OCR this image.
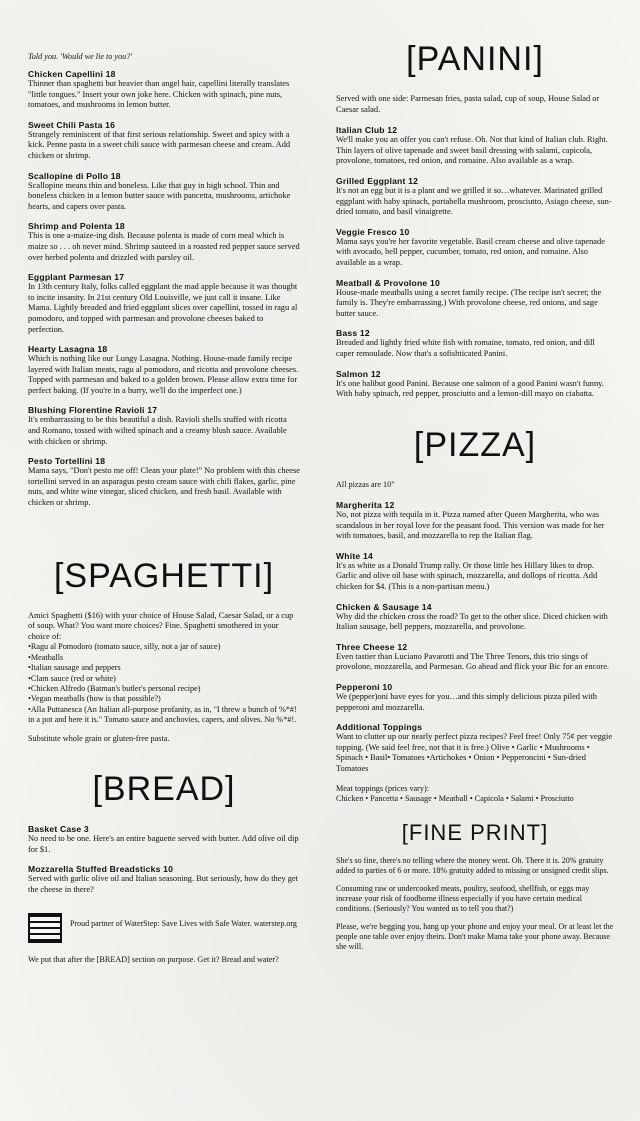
Told you. 'Would we lie to you?'
Chicken Capellini 18
Thinner than spaghetti but heavier than angel hair, capellini literally translates "little tongues." Insert your own joke here. Chicken with spinach, pine nuts, tomatoes, and mushrooms in lemon butter.
Sweet Chili Pasta 16
Strangely reminiscent of that first serious relationship. Sweet and spicy with a kick. Penne pasta in a sweet chili sauce with parmesan cheese and cream. Add chicken or shrimp.
Scallopine di Pollo 18
Scallopine means thin and boneless. Like that guy in high school. Thin and boneless chicken in a lemon butter sauce with pancetta, mushrooms, artichoke hearts, and capers over pasta.
Shrimp and Polenta 18
This is one a-maize-ing dish. Because polenta is made of corn meal which is maize so . . . oh never mind. Shrimp sauteed in a roasted red pepper sauce served over herbed polenta and drizzled with parsley oil.
Eggplant Parmesan 17
In 13th century Italy, folks called eggplant the mad apple because it was thought to incite insanity. In 21st century Old Louisville, we just call it insane. Like Mama. Lightly breaded and fried eggplant slices over capellini, tossed in ragu al pomodoro, and topped with parmesan and provolone cheeses baked to perfection.
Hearty Lasagna 18
Which is nothing like our Lungy Lasagna. Nothing. House-made family recipe layered with Italian meats, ragu al pomodoro, and ricotta and provolone cheeses. Topped with parmesan and baked to a golden brown. Please allow extra time for perfect baking. (If you're in a hurry, we'll do the imperfect one.)
Blushing Florentine Ravioli 17
It's embarrassing to be this beautiful a dish. Ravioli shells stuffed with ricotta and Romano, tossed with wilted spinach and a creamy blush sauce. Available with chicken or shrimp.
Pesto Tortellini 18
Mama says, "Don't pesto me off! Clean your plate!" No problem with this cheese tortellini served in an asparagus pesto cream sauce with chili flakes, garlic, pine nuts, and white wine vinegar, sliced chicken, and fresh basil. Available with chicken or shrimp.
[SPAGHETTI]
Amici Spaghetti ($16) with your choice of House Salad, Caesar Salad, or a cup of soup. What? You want more choices? Fine. Spaghetti smothered in your choice of:
•Ragu al Pomodoro (tomato sauce, silly, not a jar of sauce)
•Meatballs
•Italian sausage and peppers
•Clam sauce (red or white)
•Chicken Alfredo (Batman's butler's personal recipe)
•Vegan meatballs (how is that possible?)
•Alla Puttanesca (An Italian all-purpose profanity, as in, "I threw a bunch of %*#! in a pot and here it is." Tomato sauce and anchovies, capers, and olives. No %*#!.
Substitute whole grain or gluten-free pasta.
[BREAD]
Basket Case 3
No need to be one. Here's an entire baguette served with butter. Add olive oil dip for $1.
Mozzarella Stuffed Breadsticks 10
Served with garlic olive oil and Italian seasoning. But seriously, how do they get the cheese in there?
Proud partner of WaterStep: Save Lives with Safe Water. waterstep.org
We put that after the [BREAD] section on purpose. Get it? Bread and water?
[PANINI]
Served with one side: Parmesan fries, pasta salad, cup of soup, House Salad or Caesar salad.
Italian Club 12
We'll make you an offer you can't refuse. Oh. Not that kind of Italian club. Right. Thin layers of olive tapenade and sweet basil dressing with salami, capicola, provolone, tomatoes, red onion, and romaine. Also available as a wrap.
Grilled Eggplant 12
It's not an egg but it is a plant and we grilled it so…whatever. Marinated grilled eggplant with baby spinach, portabella mushroom, prosciutto, Asiago cheese, sun-dried tomato, and basil vinaigrette.
Veggie Fresco 10
Mama says you're her favorite vegetable. Basil cream cheese and olive tapenade with avocado, bell pepper, cucumber, tomato, red onion, and romaine. Also available as a wrap.
Meatball & Provolone 10
House-made meatballs using a secret family recipe. (The recipe isn't secret; the family is. They're embarrassing.) With provolone cheese, red onions, and sage butter sauce.
Bass 12
Breaded and lightly fried white fish with romaine, tomato, red onion, and dill caper remoulade. Now that's a sofishticated Panini.
Salmon 12
It's one halibut good Panini. Because one salmon of a good Panini wasn't funny. With baby spinach, red pepper, prosciutto and a lemon-dill mayo on ciabatta.
[PIZZA]
All pizzas are 10"
Margherita 12
No, not pizza with tequila in it. Pizza named after Queen Margherita, who was scandalous in her royal love for the peasant food. This version was made for her with tomatoes, basil, and mozzarella to rep the Italian flag.
White 14
It's as white as a Donald Trump rally. Or those little hes Hillary likes to drop. Garlic and olive oil base with spinach, mozzarella, and dollops of ricotta. Add chicken for $4. (This is a non-partisan menu.)
Chicken & Sausage 14
Why did the chicken cross the road? To get to the other slice. Diced chicken with Italian sausage, bell peppers, mozzarella, and provolone.
Three Cheese 12
Even tastier than Luciano Pavarotti and The Three Tenors, this trio sings of provolone, mozzarella, and Parmesan. Go ahead and flick your Bic for an encore.
Pepperoni 10
We (pepper)oni have eyes for you…and this simply delicious pizza piled with pepperoni and mozzarella.
Additional Toppings
Want to clutter up our nearly perfect pizza recipes? Feel free! Only 75¢ per veggie topping. (We said feel free, not that it is free.) Olive • Garlic • Mushrooms • Spinach • Basil• Tomatoes •Artichokes • Onion • Pepperoncini • Sun-dried Tomatoes
Meat toppings (prices vary):
Chicken • Pancetta • Sausage • Meatball • Capicola • Salami • Prosciutto
[FINE PRINT]
She's so fine, there's no telling where the money went. Oh. There it is. 20% gratuity added to parties of 6 or more. 18% gratuity added to missing or unsigned credit slips.
Consuming raw or undercooked meats, poultry, seafood, shellfish, or eggs may increase your risk of foodborne illness especially if you have certain medical conditions. (Seriously? You wanted us to tell you that?)
Please, we're begging you, hang up your phone and enjoy your meal. Or at least let the people one table over enjoy theirs. Don't make Mama take your phone away. Because she will.
